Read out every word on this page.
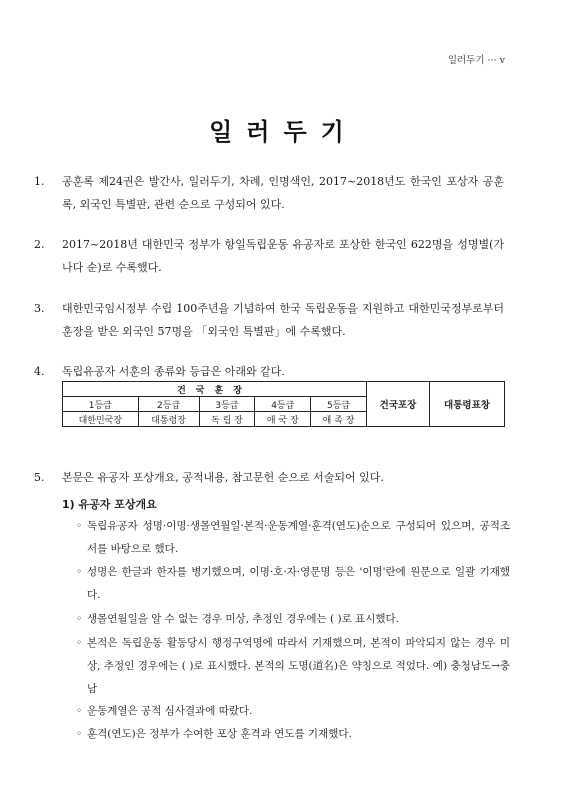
일러두기 ··· v
일러두기
1. 공훈록 제24권은 발간사, 일러두기, 차례, 인명색인, 2017~2018년도 한국인 포상자 공훈록, 외국인 특별판, 관련 순으로 구성되어 있다.
2. 2017~2018년 대한민국 정부가 항일독립운동 유공자로 포상한 한국인 622명을 성명별(가나다 순)로 수록했다.
3. 대한민국임시정부 수립 100주년을 기념하여 한국 독립운동을 지원하고 대한민국정부로부터 훈장을 받은 외국인 57명을 「외국인 특별판」에 수록했다.
4. 독립유공자 서훈의 종류와 등급은 아래와 같다.
건국훈장					건국포장	대통령표창
1등급	2등급	3등급	4등급	5등급		
대한민국장	대통령장	독 립 장	애 국 장	애 족 장		
5. 본문은 유공자 포상개요, 공적내용, 참고문헌 순으로 서술되어 있다.
1) 유공자 포상개요
◦ 독립유공자 성명·이명·생몰연월일·본적·운동계열·훈격(연도)순으로 구성되어 있으며, 공적조서를 바탕으로 했다.
◦ 성명은 한글과 한자를 병기했으며, 이명·호·자·영문명 등은 '이명'란에 원문으로 일괄 기재했다.
◦ 생몰연월일을 알 수 없는 경우 미상, 추정인 경우에는 ( )로 표시했다.
◦ 본적은 독립운동 활동당시 행정구역명에 따라서 기재했으며, 본적이 파악되지 않는 경우 미상, 추정인 경우에는 ( )로 표시했다. 본적의 도명(道名)은 약칭으로 적었다. 예) 충청남도→충남
◦ 운동계열은 공적 심사결과에 따랐다.
◦ 훈격(연도)은 정부가 수여한 포상 훈격과 연도를 기재했다.
